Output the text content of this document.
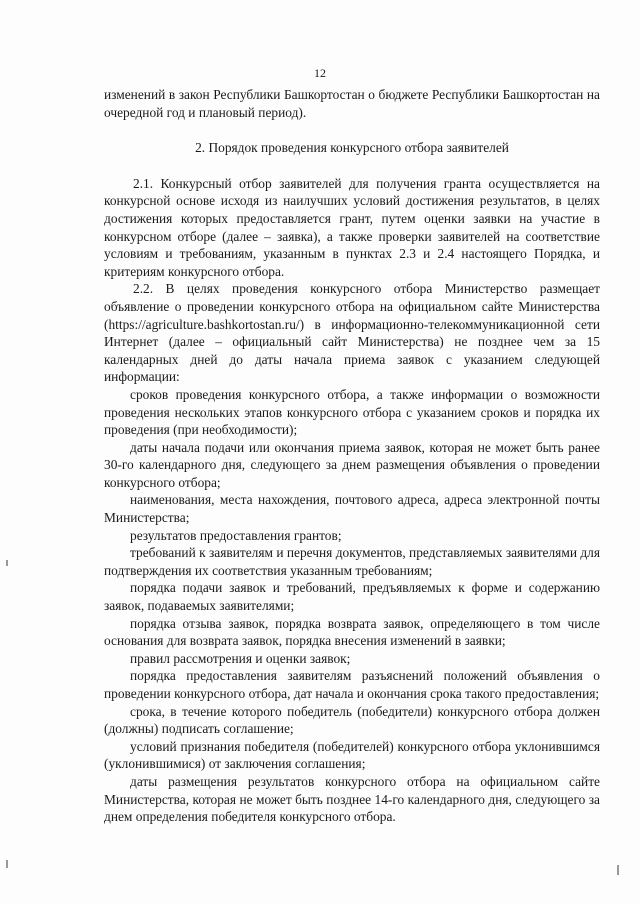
12

изменений в закон Республики Башкортостан о бюджете Республики Башкортостан на очередной год и плановый период).

2. Порядок проведения конкурсного отбора заявителей

2.1. Конкурсный отбор заявителей для получения гранта осуществляется на конкурсной основе исходя из наилучших условий достижения результатов, в целях достижения которых предоставляется грант, путем оценки заявки на участие в конкурсном отборе (далее – заявка), а также проверки заявителей на соответствие условиям и требованиям, указанным в пунктах 2.3 и 2.4 настоящего Порядка, и критериям конкурсного отбора.

2.2. В целях проведения конкурсного отбора Министерство размещает объявление о проведении конкурсного отбора на официальном сайте Министерства (https://agriculture.bashkortostan.ru/) в информационно-телекоммуникационной сети Интернет (далее – официальный сайт Министерства) не позднее чем за 15 календарных дней до даты начала приема заявок с указанием следующей информации:

сроков проведения конкурсного отбора, а также информации о возможности проведения нескольких этапов конкурсного отбора с указанием сроков и порядка их проведения (при необходимости);

даты начала подачи или окончания приема заявок, которая не может быть ранее 30-го календарного дня, следующего за днем размещения объявления о проведении конкурсного отбора;

наименования, места нахождения, почтового адреса, адреса электронной почты Министерства;

результатов предоставления грантов;

требований к заявителям и перечня документов, представляемых заявителями для подтверждения их соответствия указанным требованиям;

порядка подачи заявок и требований, предъявляемых к форме и содержанию заявок, подаваемых заявителями;

порядка отзыва заявок, порядка возврата заявок, определяющего в том числе основания для возврата заявок, порядка внесения изменений в заявки;

правил рассмотрения и оценки заявок;

порядка предоставления заявителям разъяснений положений объявления о проведении конкурсного отбора, дат начала и окончания срока такого предоставления;

срока, в течение которого победитель (победители) конкурсного отбора должен (должны) подписать соглашение;

условий признания победителя (победителей) конкурсного отбора уклонившимся (уклонившимися) от заключения соглашения;

даты размещения результатов конкурсного отбора на официальном сайте Министерства, которая не может быть позднее 14-го календарного дня, следующего за днем определения победителя конкурсного отбора.
